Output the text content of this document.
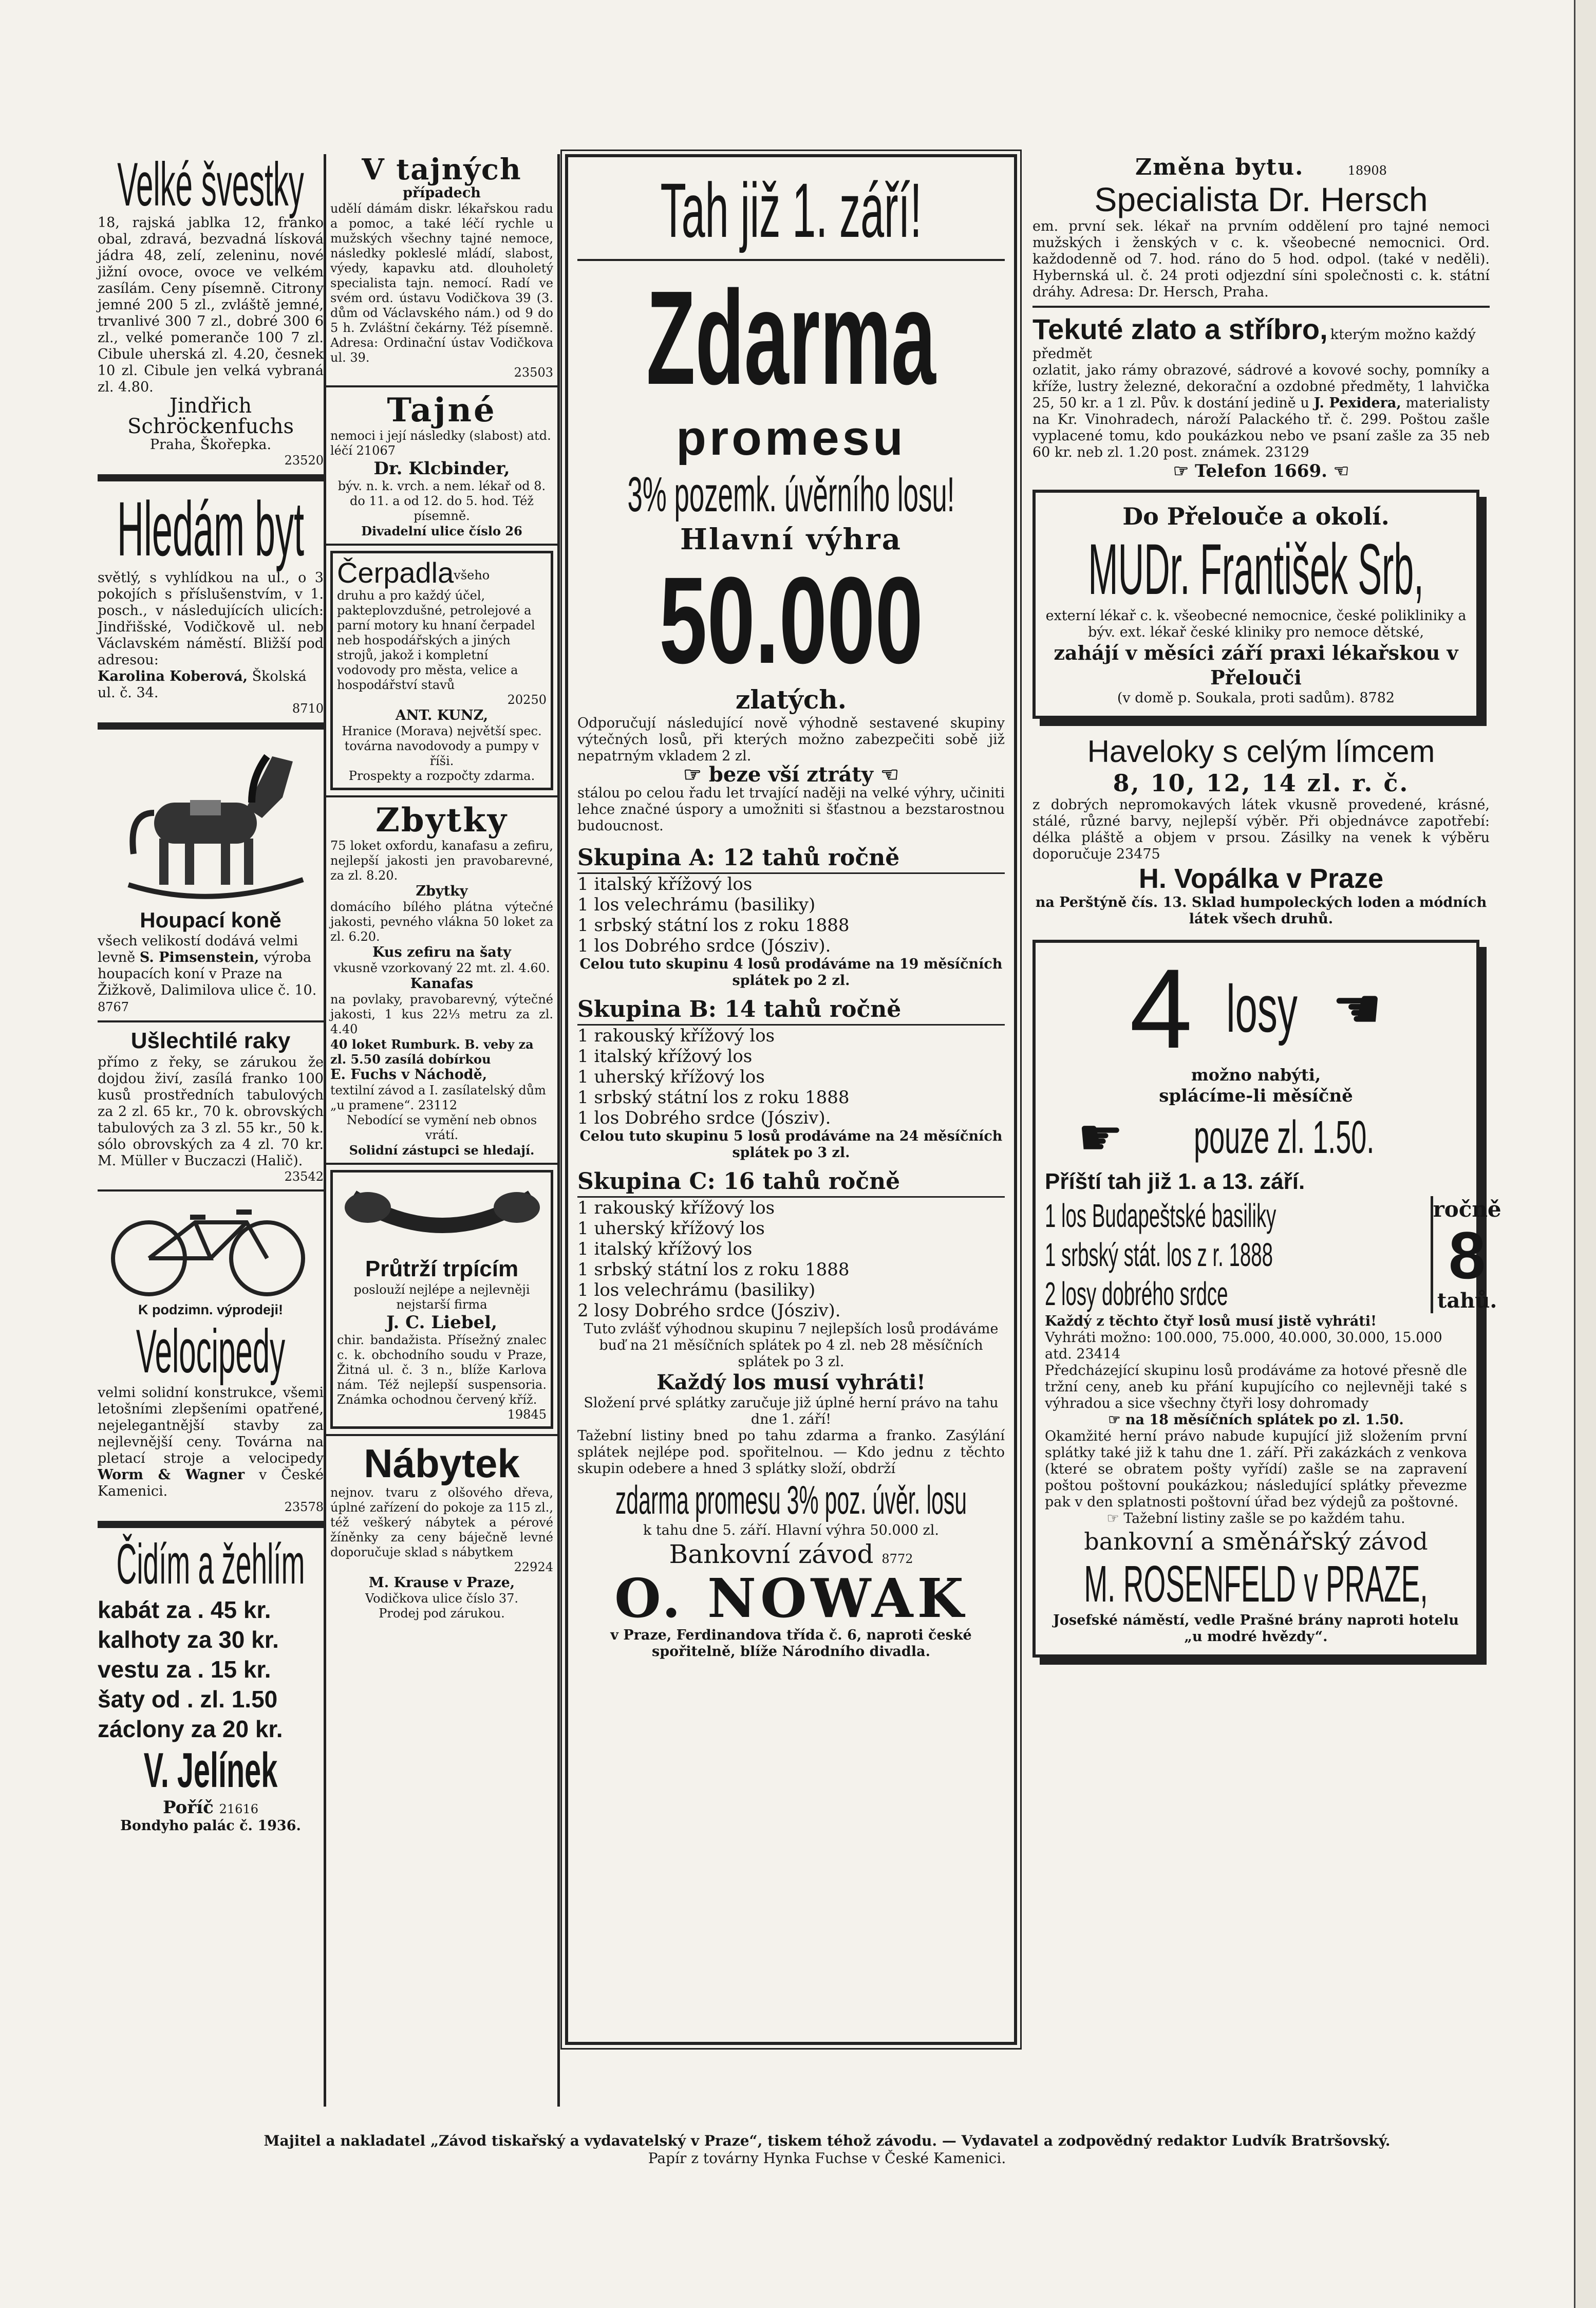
Velké švestky
18, rajská jablka 12, franko obal, zdravá, bezvadná lísková jádra 48, zelí, zeleninu, nové jižní ovoce, ovoce ve velkém zasílám. Ceny písemně. Citrony jemné 200 5 zl., zvláště jemné, trvanlivé 300 7 zl., dobré 300 6 zl., velké pomeranče 100 7 zl. Cibule uherská zl. 4.20, česnek 10 zl. Cibule jen velká vybraná zl. 4.80.
Jindřich Schröckenfuchs
Praha, Škořepka.
23520
Hledám byt
světlý, s vyhlídkou na ul., o 3 pokojích s příslušenstvím, v 1. posch., v následujících ulicích: Jindřišské, Vodičkově ul. neb Václavském náměstí. Bližší pod adresou:
Karolina Koberová, Školská ul. č. 34.
8710
Houpací koně
všech velikostí dodává velmi levně S. Pimsenstein, výroba houpacích koní v Praze na Žižkově, Dalimilova ulice č. 10. 8767
Ušlechtilé raky
přímo z řeky, se zárukou že dojdou živí, zasílá franko 100 kusů prostředních tabulových za 2 zl. 65 kr., 70 k. obrovských tabulových za 3 zl. 55 kr., 50 k. sólo obrovských za 4 zl. 70 kr. M. Müller v Buczaczi (Halič).
23542
K podzimn. výprodeji!
Velocipedy
velmi solidní konstrukce, všemi letošními zlepšeními opatřené, nejelegantnější stavby za nejlevnější ceny. Továrna na pletací stroje a velocipedy Worm & Wagner v České Kamenici.
23578
Čidím a žehlím
kabát za . 45 kr.
kalhoty za 30 kr.
vestu za . 15 kr.
šaty od . zl. 1.50
záclony za 20 kr.
V. Jelínek
Poříč 21616
Bondyho palác č. 1936.
V tajných
případech
udělí dámám diskr. lékařskou radu a pomoc, a také léčí rychle u mužských všechny tajné nemoce, následky pokleslé mládí, slabost, výedy, kapavku atd. dlouholetý specialista tajn. nemocí. Radí ve svém ord. ústavu Vodičkova 39 (3. dům od Václavského nám.) od 9 do 5 h. Zvláštní čekárny. Též písemně. Adresa: Ordinační ústav Vodičkova ul. 39.
23503
Tajné
nemoci i její následky (slabost) atd. léčí 21067
Dr. Klcbinder,
býv. n. k. vrch. a nem. lékař od 8. do 11. a od 12. do 5. hod. Též písemně.
Divadelní ulice číslo 26
Čerpadla$^{všeho}$
druhu a pro každý účel, pakteplovzdušné, petrolejové a parní motory ku hnaní čerpadel neb hospodářských a jiných strojů, jakož i kompletní vodovody pro města, velice a hospodářství stavů
20250
ANT. KUNZ,
Hranice (Morava) největší spec. továrna navodovody a pumpy v říši.
Prospekty a rozpočty zdarma.
Zbytky
75 loket oxfordu, kanafasu a zefiru, nejlepší jakosti jen pravobarevné, za zl. 8.20.
Zbytky
domácího bílého plátna výtečné jakosti, pevného vlákna 50 loket za zl. 6.20.
Kus zefiru na šaty
vkusně vzorkovaný 22 mt. zl. 4.60.
Kanafas
na povlaky, pravobarevný, výtečné jakosti, 1 kus 22⅓ metru za zl. 4.40
40 loket Rumburk. B. veby za zl. 5.50 zasílá dobírkou
E. Fuchs v Náchodě,
textilní závod a I. zasílatelský dům „u pramene“. 23112
Nebodící se vymění neb obnos vrátí.
Solidní zástupci se hledají.
Průtrží trpícím
poslouží nejlépe a nejlevněji nejstarší firma
J. C. Liebel,
chir. bandažista. Přísežný znalec c. k. obchodního soudu v Praze, Žitná ul. č. 3 n., blíže Karlova nám. Též nejlepší suspensoria. Známka ochodnou červený kříž.
19845
Nábytek
nejnov. tvaru z olšového dřeva, úplné zařízení do pokoje za 115 zl., též veškerý nábytek a pérové žíněnky za ceny báječně levné doporučuje sklad s nábytkem
22924
M. Krause v Praze,
Vodičkova ulice číslo 37.
Prodej pod zárukou.
Tah již 1. září!
Zdarma
promesu
3% pozemk. úvěrního losu!
Hlavní výhra
50.000
zlatých.
Odporučují následující nově výhodně sestavené skupiny výtečných losů, při kterých možno zabezpečiti sobě již nepatrným vkladem 2 zl.
☞ beze vší ztráty ☜
stálou po celou řadu let trvající naději na velké výhry, učiniti lehce značné úspory a umožniti si šťastnou a bezstarostnou budoucnost.
Skupina A: 12 tahů ročně
1 italský křížový los
1 los velechrámu (basiliky)
1 srbský státní los z roku 1888
1 los Dobrého srdce (Jósziv).
Celou tuto skupinu 4 losů prodáváme na 19 měsíčních splátek po 2 zl.
Skupina B: 14 tahů ročně
1 rakouský křížový los
1 italský křížový los
1 uherský křížový los
1 srbský státní los z roku 1888
1 los Dobrého srdce (Jósziv).
Celou tuto skupinu 5 losů prodáváme na 24 měsíčních splátek po 3 zl.
Skupina C: 16 tahů ročně
1 rakouský křížový los
1 uherský křížový los
1 italský křížový los
1 srbský státní los z roku 1888
1 los velechrámu (basiliky)
2 losy Dobrého srdce (Jósziv).
Tuto zvlášť výhodnou skupinu 7 nejlepších losů prodáváme buď na 21 měsíčních splátek po 4 zl. neb 28 měsíčních splátek po 3 zl.
Každý los musí vyhráti!
Složení prvé splátky zaručuje již úplné herní právo na tahu dne 1. září!
Tažební listiny bned po tahu zdarma a franko. Zasýlání splátek nejlépe pod. spořitelnou. — Kdo jednu z těchto skupin odebere a hned 3 splátky složí, obdrží
zdarma promesu 3% poz. úvěr. losu
k tahu dne 5. září. Hlavní výhra 50.000 zl.
Bankovní závod 8772
O. NOWAK
v Praze, Ferdinandova třída č. 6, naproti české spořitelně, blíže Národního divadla.
Změna bytu.	18908
Specialista Dr. Hersch
em. první sek. lékař na prvním oddělení pro tajné nemoci mužských i ženských v c. k. všeobecné nemocnici. Ord. každodenně od 7. hod. ráno do 5 hod. odpol. (také v neděli). Hybernská ul. č. 24 proti odjezdní síni společnosti c. k. státní dráhy. Adresa: Dr. Hersch, Praha.
Tekuté zlato a stříbro, kterým možno každý předmět
ozlatit, jako rámy obrazové, sádrové a kovové sochy, pomníky a kříže, lustry železné, dekorační a ozdobné předměty, 1 lahvička 25, 50 kr. a 1 zl. Pův. k dostání jedině u J. Pexidera, materialisty na Kr. Vinohradech, nároží Palackého tř. č. 299. Poštou zašle vyplacené tomu, kdo poukázkou nebo ve psaní zašle za 35 neb 60 kr. neb zl. 1.20 post. známek. 23129
☞ Telefon 1669. ☜
Do Přelouče a okolí.
MUDr. František Srb,
externí lékař c. k. všeobecné nemocnice, české polikliniky a býv. ext. lékař české kliniky pro nemoce dětské,
zahájí v měsíci září praxi lékařskou v Přelouči
(v domě p. Soukala, proti sadům). 8782
Haveloky s celým límcem
8, 10, 12, 14 zl. r. č.
z dobrých nepromokavých látek vkusně provedené, krásné, stálé, různé barvy, nejlepší výběr. Při objednávce zapotřebí: délka pláště a objem v prsou. Zásilky na venek k výběru doporučuje 23475
H. Vopálka v Praze
na Perštýně čís. 13. Sklad humpoleckých loden a módních látek všech druhů.
4 losy ☚
možno nabýti,
splácíme-li měsíčně
☛ pouze zl. 1.50.
Příští tah již 1. a 13. září.
1 los Budapeštské basiliky
1 srbský stát. los z r. 1888
2 losy dobrého srdce
ročně
8
tahů.
Každý z těchto čtyř losů musí jistě vyhráti!
Vyhráti možno: 100.000, 75.000, 40.000, 30.000, 15.000 atd. 23414
Předcházející skupinu losů prodáváme za hotové přesně dle tržní ceny, aneb ku přání kupujícího co nejlevněji také s výhradou a sice všechny čtyři losy dohromady
☞ na 18 měsíčních splátek po zl. 1.50.
Okamžité herní právo nabude kupující již složením první splátky také již k tahu dne 1. září. Při zakázkách z venkova (které se obratem pošty vyřídí) zašle se na zapravení poštou poštovní poukázkou; následující splátky převezme pak v den splatnosti poštovní úřad bez výdejů za poštovné.
☞ Tažební listiny zašle se po každém tahu.
bankovní a směnářský závod
M. ROSENFELD v PRAZE,
Josefské náměstí, vedle Prašné brány naproti hotelu „u modré hvězdy“.
Majitel a nakladatel „Závod tiskařský a vydavatelský v Praze“, tiskem téhož závodu. — Vydavatel a zodpovědný redaktor Ludvík Bratršovský.
Papír z továrny Hynka Fuchse v České Kamenici.
